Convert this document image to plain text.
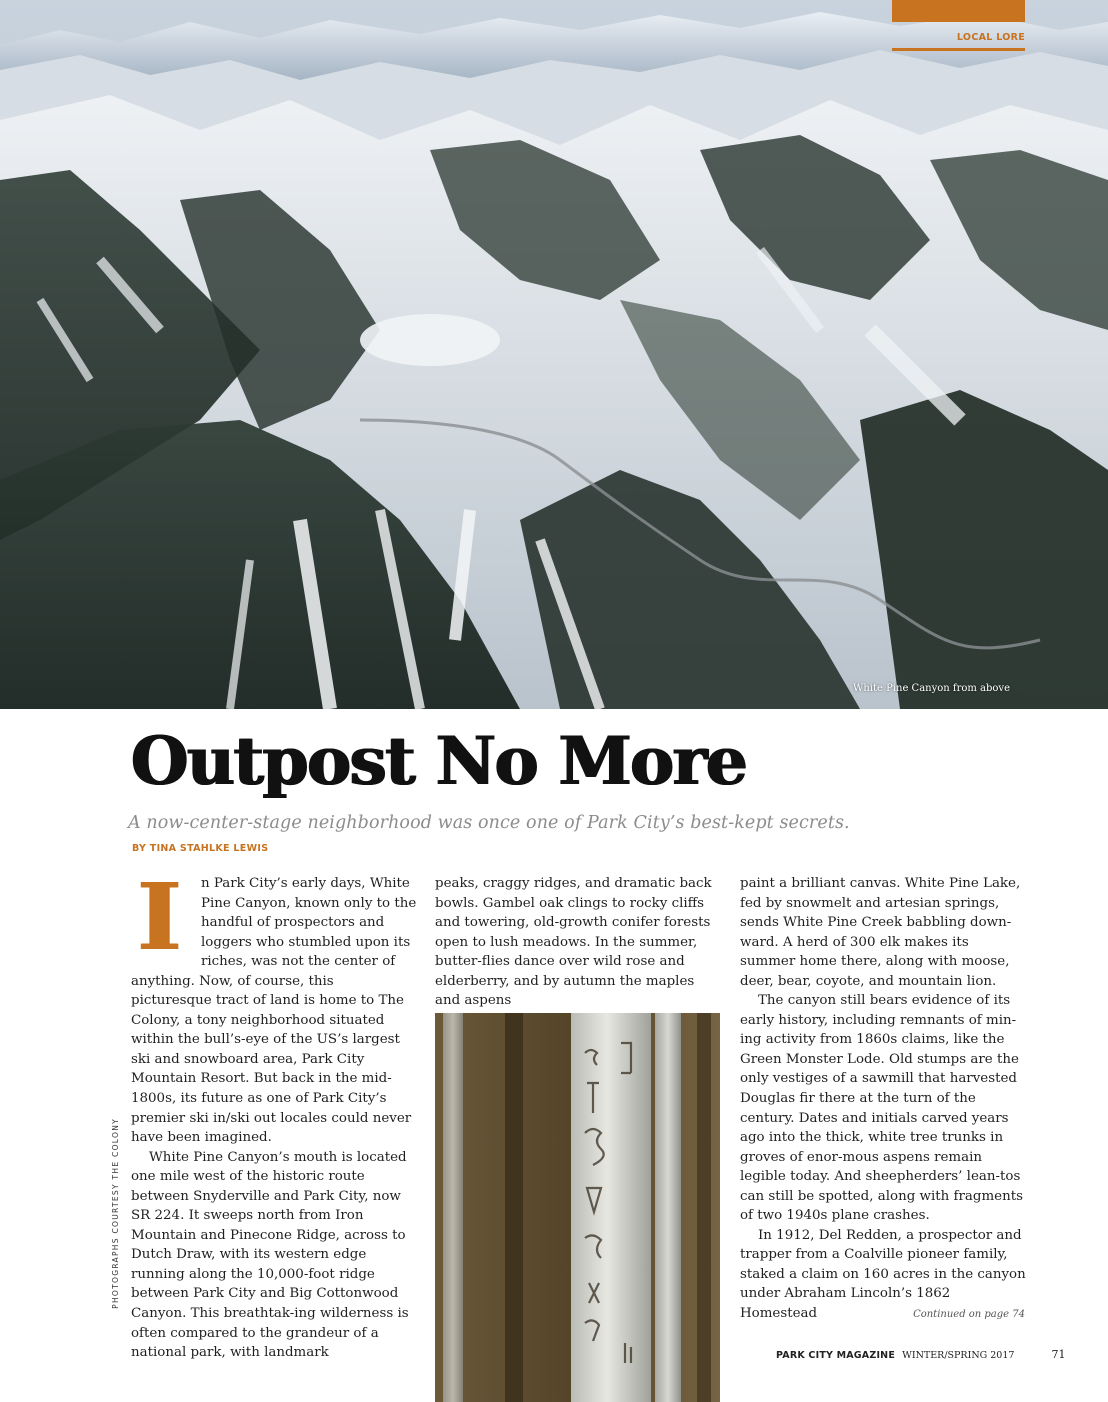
White Pine Canyon from above
LOCAL LORE
Outpost No More

A now-center-stage neighborhood was once one of Park City’s best-kept secrets.

BY TINA STAHLKE LEWIS

I	n Park City’s early days, White Pine Canyon, known only to the handful of prospectors and loggers who stumbled upon its riches, was not the center of anything. Now, of course, this picturesque tract of land is home to The Colony, a tony neighborhood situated within the bull’s-eye of the US’s largest ski and snowboard area, Park City Mountain Resort. But back in the mid-1800s, its future as one of Park City’s premier ski in/ski out locales could never have been imagined.

White Pine Canyon’s mouth is located one mile west of the historic route between Snyderville and Park City, now SR 224. It sweeps north from Iron Mountain and Pinecone Ridge, across to Dutch Draw, with its western edge running along the 10,000-foot ridge between Park City and Big Cottonwood Canyon. This breathtak-ing wilderness is often compared to the grandeur of a national park, with landmark

peaks, craggy ridges, and dramatic back bowls. Gambel oak clings to rocky cliffs and towering, old-growth conifer forests open to lush meadows. In the summer, butter-flies dance over wild rose and elderberry, and by autumn the maples and aspens

paint a brilliant canvas. White Pine Lake, fed by snowmelt and artesian springs, sends White Pine Creek babbling down-ward. A herd of 300 elk makes its summer home there, along with moose, deer, bear, coyote, and mountain lion.

The canyon still bears evidence of its early history, including remnants of min-ing activity from 1860s claims, like the Green Monster Lode. Old stumps are the only vestiges of a sawmill that harvested Douglas fir there at the turn of the century. Dates and initials carved years ago into the thick, white tree trunks in groves of enor-mous aspens remain legible today. And sheepherders’ lean-tos can still be spotted, along with fragments of two 1940s plane crashes.

In 1912, Del Redden, a prospector and trapper from a Coalville pioneer family, staked a claim on 160 acres in the canyon under Abraham Lincoln’s 1862 Homestead

PHOTOGRAPHS COURTESY THE COLONY
Continued on page 74
PARK CITY MAGAZINE WINTER/SPRING 2017	71
